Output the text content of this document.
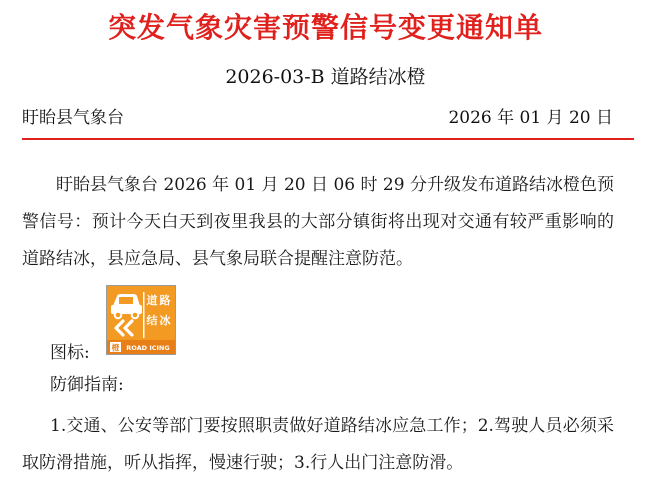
突发气象灾害预警信号变更通知单
2026-03-B 道路结冰橙
盱眙县气象台	2026 年 01 月 20 日

盱眙县气象台 2026 年 01 月 20 日 06 时 29 分升级发布道路结冰橙色预警信号：预计今天白天到夜里我县的大部分镇街将出现对交通有较严重影响的道路结冰，县应急局、县气象局联合提醒注意防范。

图标:
道 路
结 冰
橙 ROAD ICING
防御指南:

1.交通、公安等部门要按照职责做好道路结冰应急工作；2.驾驶人员必须采取防滑措施，听从指挥，慢速行驶；3.行人出门注意防滑。
